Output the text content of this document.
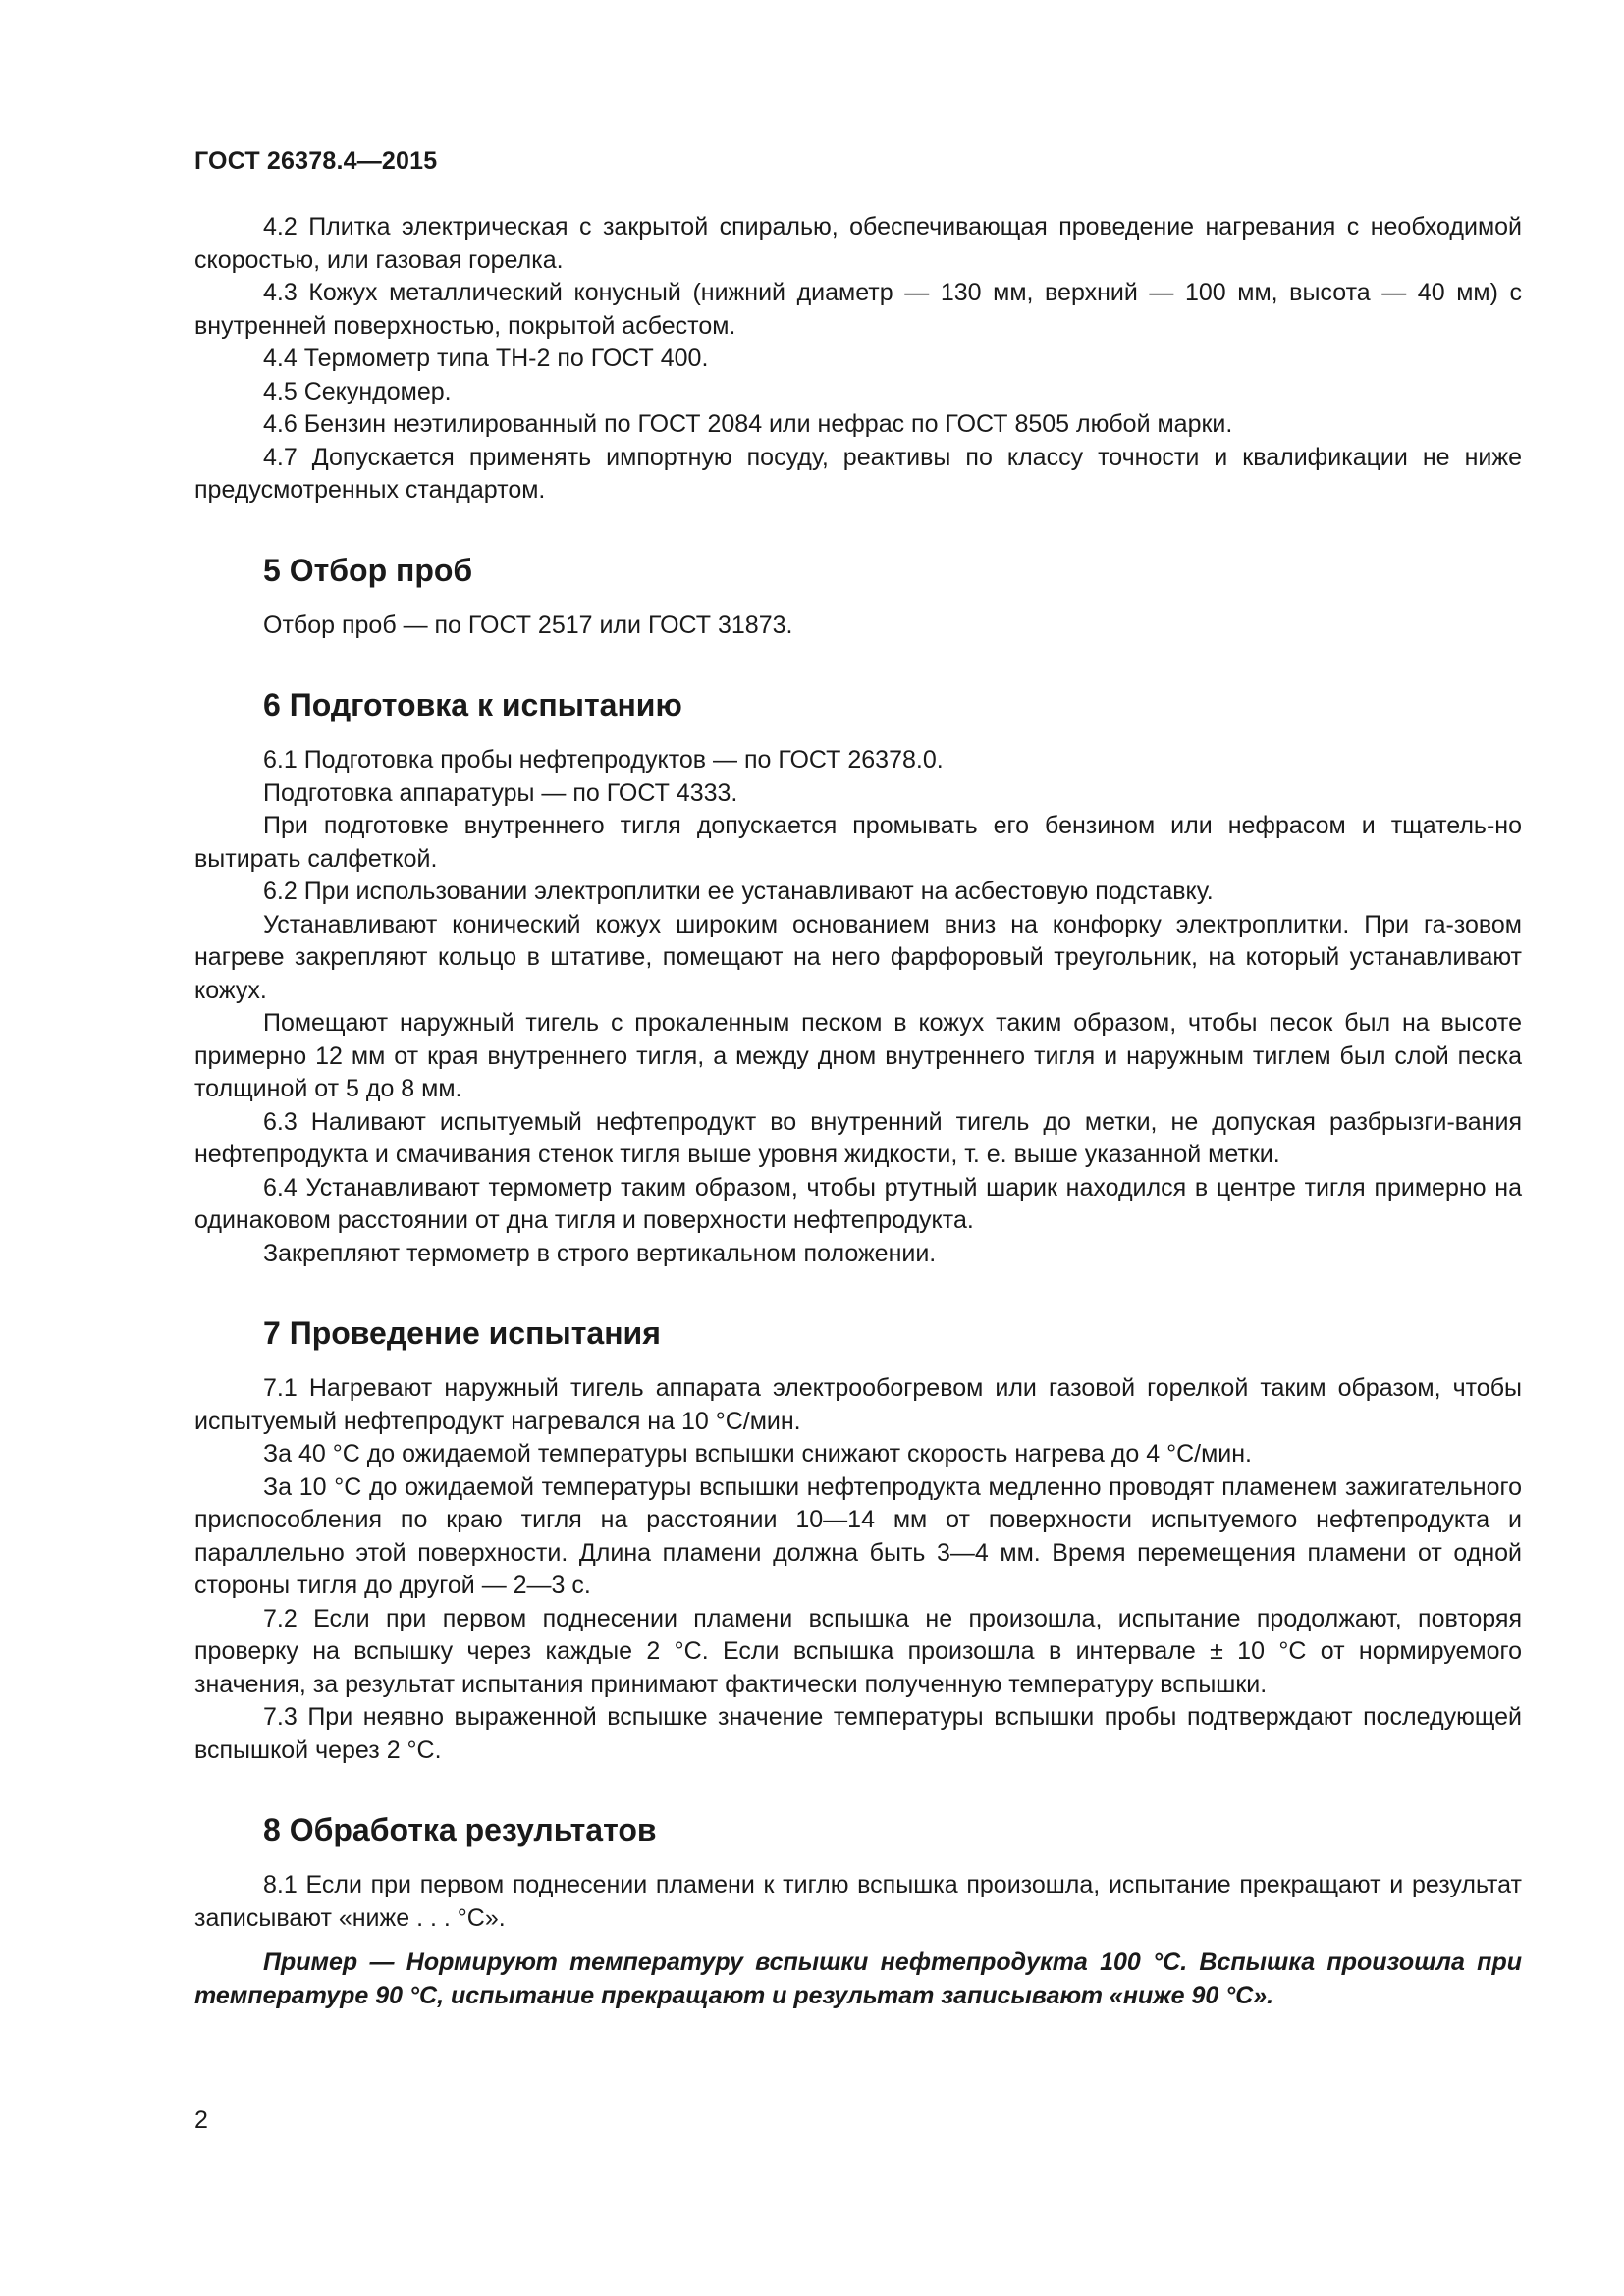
ГОСТ 26378.4—2015

4.2 Плитка электрическая с закрытой спиралью, обеспечивающая проведение нагревания с необходимой скоростью, или газовая горелка.

4.3 Кожух металлический конусный (нижний диаметр — 130 мм, верхний — 100 мм, высота — 40 мм) с внутренней поверхностью, покрытой асбестом.

4.4 Термометр типа ТН-2 по ГОСТ 400.

4.5 Секундомер.

4.6 Бензин неэтилированный по ГОСТ 2084 или нефрас по ГОСТ 8505 любой марки.

4.7 Допускается применять импортную посуду, реактивы по классу точности и квалификации не ниже предусмотренных стандартом.

5 Отбор проб

Отбор проб — по ГОСТ 2517 или ГОСТ 31873.

6 Подготовка к испытанию

6.1 Подготовка пробы нефтепродуктов — по ГОСТ 26378.0.

Подготовка аппаратуры — по ГОСТ 4333.

При подготовке внутреннего тигля допускается промывать его бензином или нефрасом и тщатель-но вытирать салфеткой.

6.2 При использовании электроплитки ее устанавливают на асбестовую подставку.

Устанавливают конический кожух широким основанием вниз на конфорку электроплитки. При га-зовом нагреве закрепляют кольцо в штативе, помещают на него фарфоровый треугольник, на который устанавливают кожух.

Помещают наружный тигель с прокаленным песком в кожух таким образом, чтобы песок был на высоте примерно 12 мм от края внутреннего тигля, а между дном внутреннего тигля и наружным тиглем был слой песка толщиной от 5 до 8 мм.

6.3 Наливают испытуемый нефтепродукт во внутренний тигель до метки, не допуская разбрызги-вания нефтепродукта и смачивания стенок тигля выше уровня жидкости, т. е. выше указанной метки.

6.4 Устанавливают термометр таким образом, чтобы ртутный шарик находился в центре тигля примерно на одинаковом расстоянии от дна тигля и поверхности нефтепродукта.

Закрепляют термометр в строго вертикальном положении.

7 Проведение испытания

7.1 Нагревают наружный тигель аппарата электрообогревом или газовой горелкой таким образом, чтобы испытуемый нефтепродукт нагревался на 10 °С/мин.

За 40 °С до ожидаемой температуры вспышки снижают скорость нагрева до 4 °С/мин.

За 10 °С до ожидаемой температуры вспышки нефтепродукта медленно проводят пламенем зажигательного приспособления по краю тигля на расстоянии 10—14 мм от поверхности испытуемого нефтепродукта и параллельно этой поверхности. Длина пламени должна быть 3—4 мм. Время перемещения пламени от одной стороны тигля до другой — 2—3 с.

7.2 Если при первом поднесении пламени вспышка не произошла, испытание продолжают, повторяя проверку на вспышку через каждые 2 °С. Если вспышка произошла в интервале ± 10 °С от нормируемого значения, за результат испытания принимают фактически полученную температуру вспышки.

7.3 При неявно выраженной вспышке значение температуры вспышки пробы подтверждают последующей вспышкой через 2 °С.

8 Обработка результатов

8.1 Если при первом поднесении пламени к тиглю вспышка произошла, испытание прекращают и результат записывают «ниже . . . °С».

Пример — Нормируют температуру вспышки нефтепродукта 100 °С. Вспышка произошла при температуре 90 °С, испытание прекращают и результат записывают «ниже 90 °С».

2
